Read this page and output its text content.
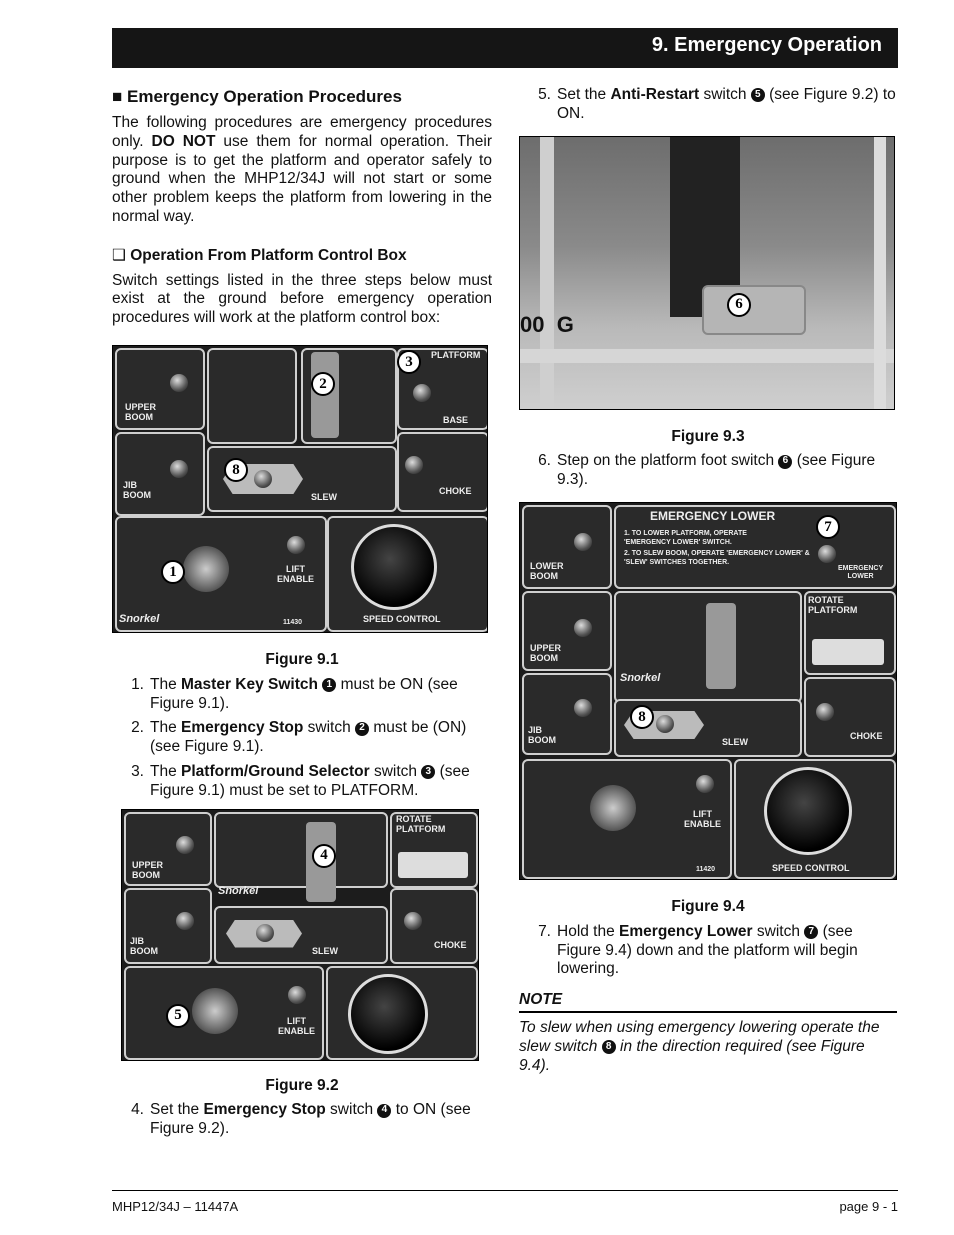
9. Emergency Operation
■ Emergency Operation Procedures

The following procedures are emergency procedures only. DO NOT use them for normal operation. Their purpose is to get the platform and operator safely to ground when the MHP12/34J will not start or some other problem keeps the platform from lowering in the normal way.

❑ Operation From Platform Control Box

Switch settings listed in the three steps below must exist at the ground before emergency operation procedures will work at the platform control box:

UPPER
BOOM
PLATFORM
BASE
JIB
BOOM	SLEW
CHOKE
LIFT
ENABLE
Snorkel	11430	SPEED CONTROL
1
2
3
8
Figure 9.1
1. The Master Key Switch 1 must be ON (see Figure 9.1).
2. The Emergency Stop switch 2 must be (ON) (see Figure 9.1).
3. The Platform/Ground Selector switch 3 (see Figure 9.1) must be set to PLATFORM.
UPPER
BOOM
Snorkel
ROTATE
PLATFORM
JIB
BOOM	SLEW
CHOKE
LIFT
ENABLE
4
5
Figure 9.2
4. Set the Emergency Stop switch 4 to ON (see Figure 9.2).
5. Set the Anti-Restart switch 5 (see Figure 9.2) to ON.
00  G
6
Figure 9.3
6. Step on the platform foot switch 6 (see Figure 9.3).
LOWER
BOOM
EMERGENCY LOWER
1. TO LOWER PLATFORM, OPERATE 'EMERGENCY LOWER' SWITCH.
2. TO SLEW BOOM, OPERATE 'EMERGENCY LOWER' & 'SLEW' SWITCHES TOGETHER.
EMERGENCY
LOWER
UPPER
BOOM
Snorkel
ROTATE
PLATFORM
JIB
BOOM	SLEW
CHOKE
LIFT
ENABLE
11420	SPEED CONTROL
7
8
Figure 9.4
7. Hold the Emergency Lower switch 7 (see Figure 9.4) down and the platform will begin lowering.
NOTE
To slew when using emergency lowering operate the slew switch 8 in the direction required (see Figure 9.4).
MHP12/34J – 11447A	page 9 - 1
